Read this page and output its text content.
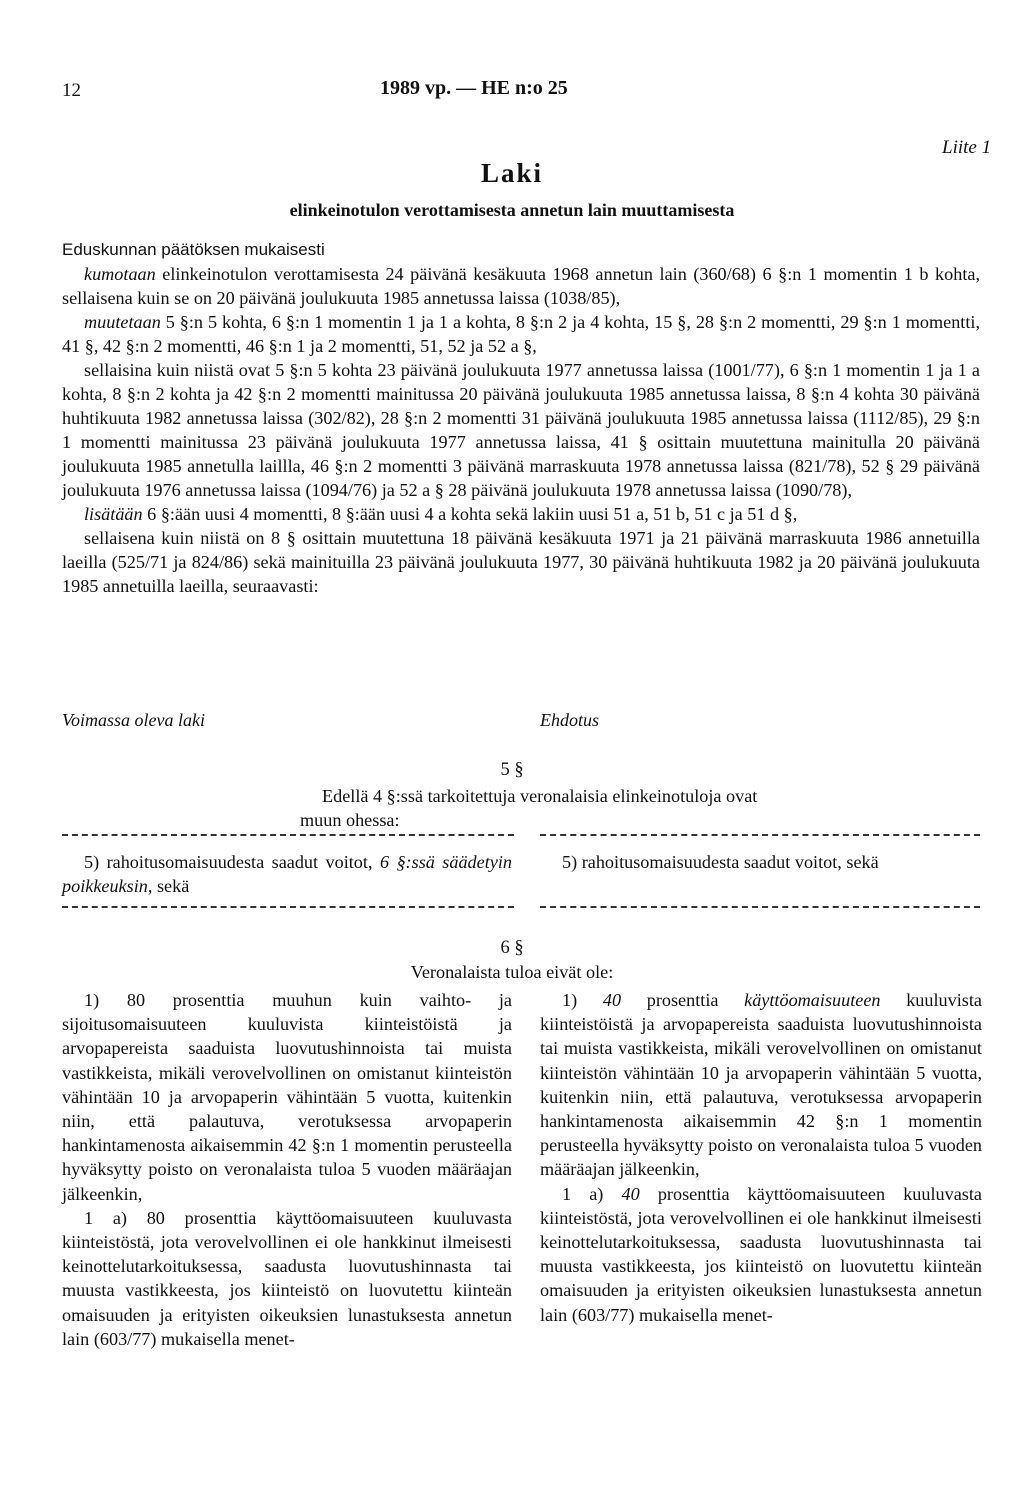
12	1989 vp. — HE n:o 25
Liite 1
Laki
elinkeinotulon verottamisesta annetun lain muuttamisesta

Eduskunnan päätöksen mukaisesti

kumotaan elinkeinotulon verottamisesta 24 päivänä kesäkuuta 1968 annetun lain (360/68) 6 §:n 1 momentin 1 b kohta, sellaisena kuin se on 20 päivänä joulukuuta 1985 annetussa laissa (1038/85),

muutetaan 5 §:n 5 kohta, 6 §:n 1 momentin 1 ja 1 a kohta, 8 §:n 2 ja 4 kohta, 15 §, 28 §:n 2 momentti, 29 §:n 1 momentti, 41 §, 42 §:n 2 momentti, 46 §:n 1 ja 2 momentti, 51, 52 ja 52 a §,

sellaisina kuin niistä ovat 5 §:n 5 kohta 23 päivänä joulukuuta 1977 annetussa laissa (1001/77), 6 §:n 1 momentin 1 ja 1 a kohta, 8 §:n 2 kohta ja 42 §:n 2 momentti mainitussa 20 päivänä joulukuuta 1985 annetussa laissa, 8 §:n 4 kohta 30 päivänä huhtikuuta 1982 annetussa laissa (302/82), 28 §:n 2 momentti 31 päivänä joulukuuta 1985 annetussa laissa (1112/85), 29 §:n 1 momentti mainitussa 23 päivänä joulukuuta 1977 annetussa laissa, 41 § osittain muutettuna mainitulla 20 päivänä joulukuuta 1985 annetulla laillla, 46 §:n 2 momentti 3 päivänä marraskuuta 1978 annetussa laissa (821/78), 52 § 29 päivänä joulukuuta 1976 annetussa laissa (1094/76) ja 52 a § 28 päivänä joulukuuta 1978 annetussa laissa (1090/78),

lisätään 6 §:ään uusi 4 momentti, 8 §:ään uusi 4 a kohta sekä lakiin uusi 51 a, 51 b, 51 c ja 51 d §,

sellaisena kuin niistä on 8 § osittain muutettuna 18 päivänä kesäkuuta 1971 ja 21 päivänä marraskuuta 1986 annetuilla laeilla (525/71 ja 824/86) sekä mainituilla 23 päivänä joulukuuta 1977, 30 päivänä huhtikuuta 1982 ja 20 päivänä joulukuuta 1985 annetuilla laeilla, seuraavasti:

Voimassa oleva laki	Ehdotus
5 §
Edellä 4 §:ssä tarkoitettuja veronalaisia elinkeinotuloja ovat muun ohessa:

5) rahoitusomaisuudesta saadut voitot, 6 §:ssä säädetyin poikkeuksin, sekä

5) rahoitusomaisuudesta saadut voitot, sekä

6 §
Veronalaista tuloa eivät ole:

1) 80 prosenttia muuhun kuin vaihto- ja sijoitusomaisuuteen kuuluvista kiinteistöistä ja arvopapereista saaduista luovutushinnoista tai muista vastikkeista, mikäli verovelvollinen on omistanut kiinteistön vähintään 10 ja arvopaperin vähintään 5 vuotta, kuitenkin niin, että palautuva, verotuksessa arvopaperin hankintamenosta aikaisemmin 42 §:n 1 momentin perusteella hyväksytty poisto on veronalaista tuloa 5 vuoden määräajan jälkeenkin,

1 a) 80 prosenttia käyttöomaisuuteen kuuluvasta kiinteistöstä, jota verovelvollinen ei ole hankkinut ilmeisesti keinottelutarkoituksessa, saadusta luovutushinnasta tai muusta vastikkeesta, jos kiinteistö on luovutettu kiinteän omaisuuden ja erityisten oikeuksien lunastuksesta annetun lain (603/77) mukaisella menet-

1) 40 prosenttia käyttöomaisuuteen kuuluvista kiinteistöistä ja arvopapereista saaduista luovutushinnoista tai muista vastikkeista, mikäli verovelvollinen on omistanut kiinteistön vähintään 10 ja arvopaperin vähintään 5 vuotta, kuitenkin niin, että palautuva, verotuksessa arvopaperin hankintamenosta aikaisemmin 42 §:n 1 momentin perusteella hyväksytty poisto on veronalaista tuloa 5 vuoden määräajan jälkeenkin,

1 a) 40 prosenttia käyttöomaisuuteen kuuluvasta kiinteistöstä, jota verovelvollinen ei ole hankkinut ilmeisesti keinottelutarkoituksessa, saadusta luovutushinnasta tai muusta vastikkeesta, jos kiinteistö on luovutettu kiinteän omaisuuden ja erityisten oikeuksien lunastuksesta annetun lain (603/77) mukaisella menet-
